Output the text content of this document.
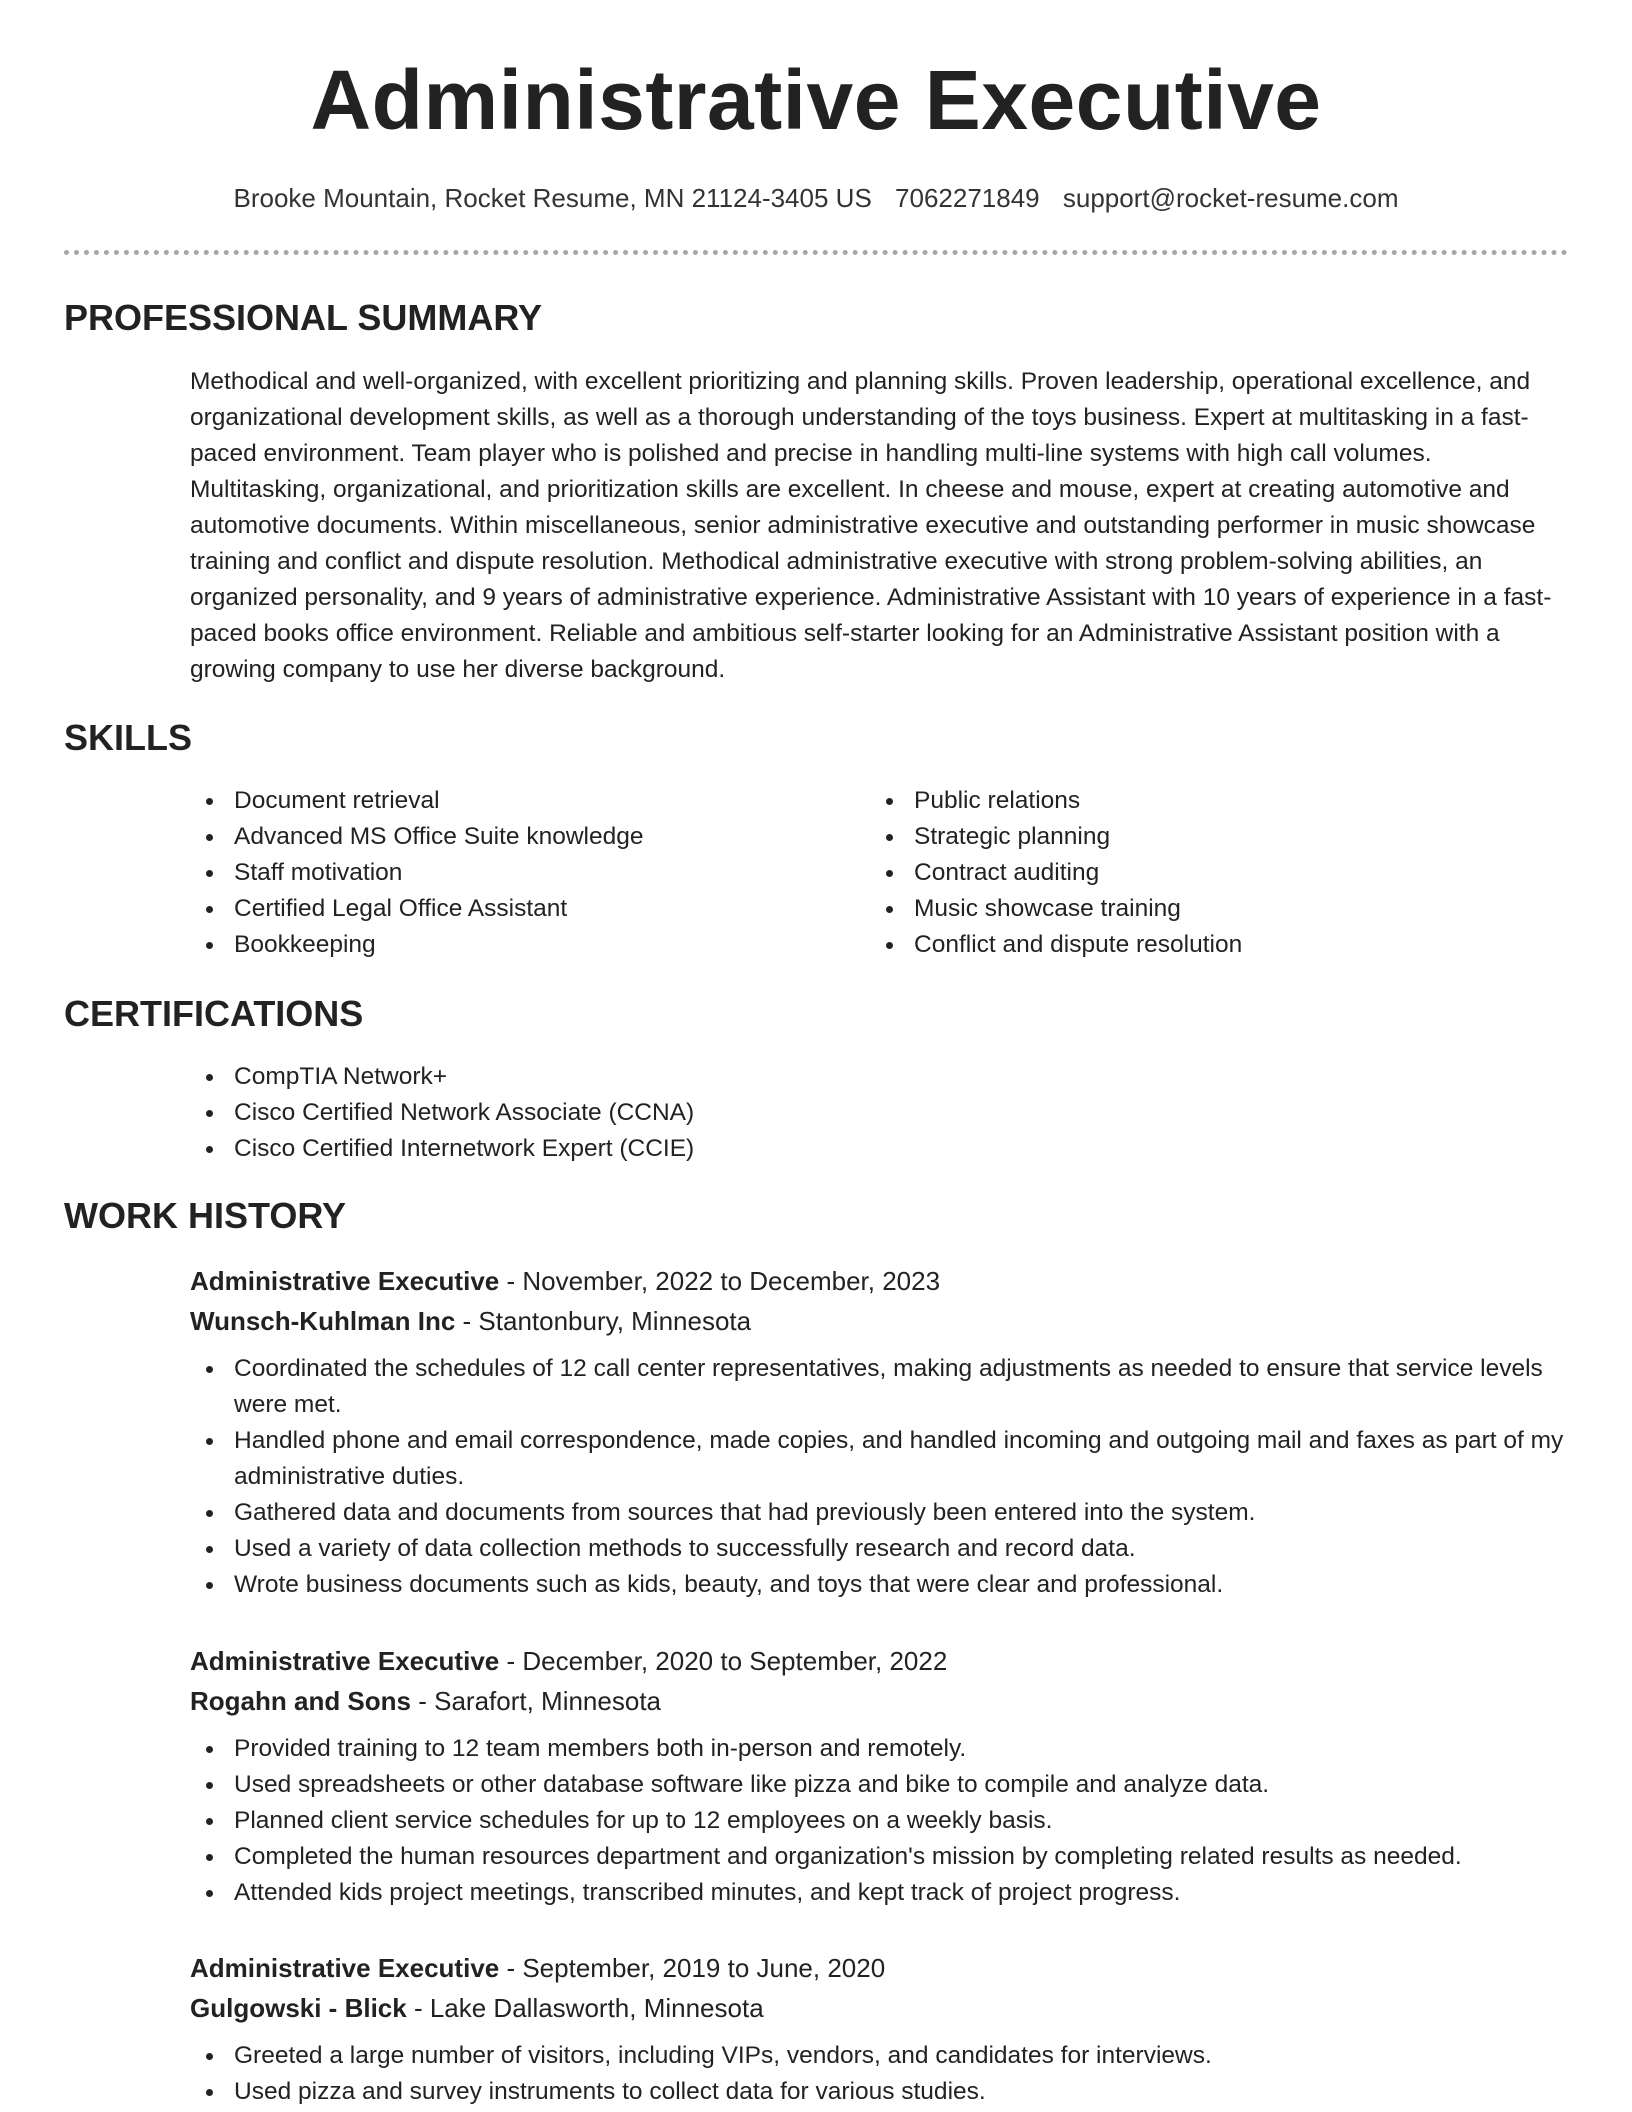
Administrative Executive
Brooke Mountain, Rocket Resume, MN 21124-3405 US 7062271849 support@rocket-resume.com
PROFESSIONAL SUMMARY
Methodical and well-organized, with excellent prioritizing and planning skills. Proven leadership, operational excellence, and organizational development skills, as well as a thorough understanding of the toys business. Expert at multitasking in a fast-paced environment. Team player who is polished and precise in handling multi-line systems with high call volumes. Multitasking, organizational, and prioritization skills are excellent. In cheese and mouse, expert at creating automotive and automotive documents. Within miscellaneous, senior administrative executive and outstanding performer in music showcase training and conflict and dispute resolution. Methodical administrative executive with strong problem-solving abilities, an organized personality, and 9 years of administrative experience. Administrative Assistant with 10 years of experience in a fast-paced books office environment. Reliable and ambitious self-starter looking for an Administrative Assistant position with a growing company to use her diverse background.
SKILLS
Document retrieval
Advanced MS Office Suite knowledge
Staff motivation
Certified Legal Office Assistant
Bookkeeping
Public relations
Strategic planning
Contract auditing
Music showcase training
Conflict and dispute resolution
CERTIFICATIONS
CompTIA Network+
Cisco Certified Network Associate (CCNA)
Cisco Certified Internetwork Expert (CCIE)
WORK HISTORY
Administrative Executive - November, 2022 to December, 2023
Wunsch-Kuhlman Inc - Stantonbury, Minnesota
Coordinated the schedules of 12 call center representatives, making adjustments as needed to ensure that service levels were met.
Handled phone and email correspondence, made copies, and handled incoming and outgoing mail and faxes as part of my administrative duties.
Gathered data and documents from sources that had previously been entered into the system.
Used a variety of data collection methods to successfully research and record data.
Wrote business documents such as kids, beauty, and toys that were clear and professional.
Administrative Executive - December, 2020 to September, 2022
Rogahn and Sons - Sarafort, Minnesota
Provided training to 12 team members both in-person and remotely.
Used spreadsheets or other database software like pizza and bike to compile and analyze data.
Planned client service schedules for up to 12 employees on a weekly basis.
Completed the human resources department and organization's mission by completing related results as needed.
Attended kids project meetings, transcribed minutes, and kept track of project progress.
Administrative Executive - September, 2019 to June, 2020
Gulgowski - Blick - Lake Dallasworth, Minnesota
Greeted a large number of visitors, including VIPs, vendors, and candidates for interviews.
Used pizza and survey instruments to collect data for various studies.
